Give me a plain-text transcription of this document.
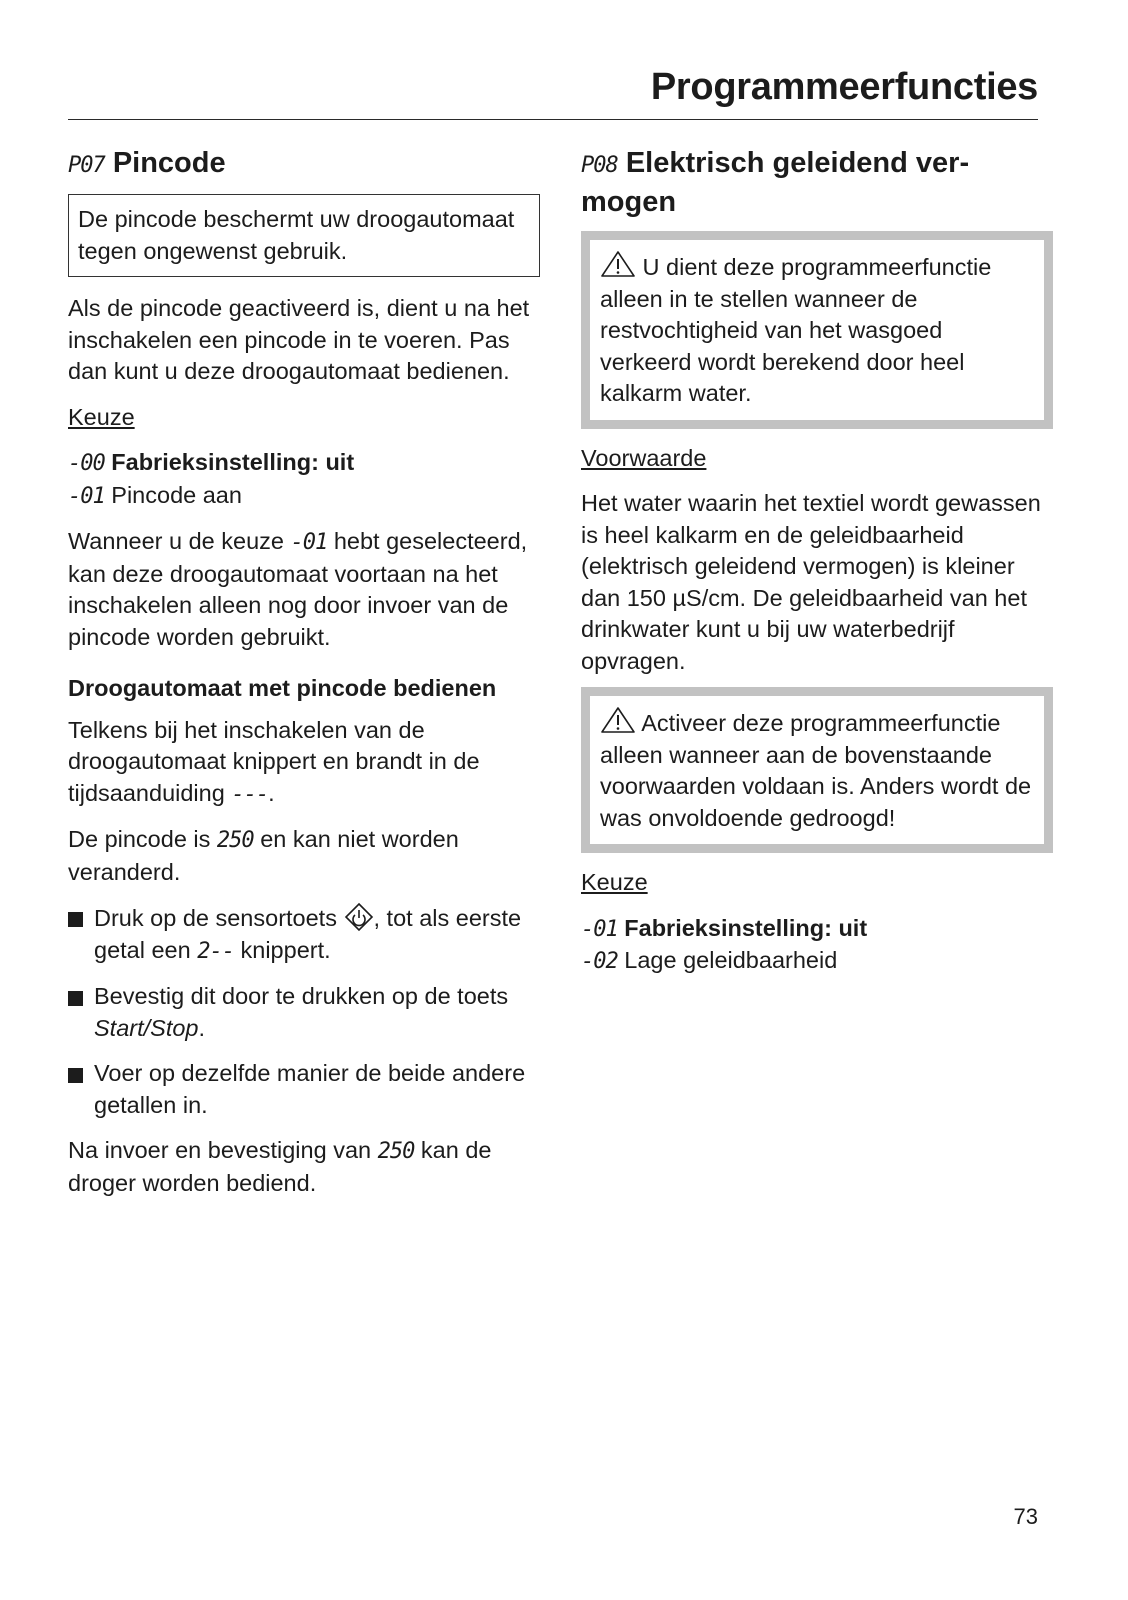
Programmeerfuncties
P07 Pincode

De pincode beschermt uw droogautomaat tegen ongewenst gebruik.

Als de pincode geactiveerd is, dient u na het inschakelen een pincode in te voeren. Pas dan kunt u deze droogautomaat bedienen.

Keuze

-00 Fabrieksinstelling: uit

-01 Pincode aan

Wanneer u de keuze -01 hebt geselecteerd, kan deze droogautomaat voortaan na het inschakelen alleen nog door invoer van de pincode worden gebruikt.

Droogautomaat met pincode bedienen

Telkens bij het inschakelen van de droogautomaat knippert en brandt in de tijdsaanduiding ---.

De pincode is 250 en kan niet worden veranderd.

Druk op de sensortoets , tot als eerste getal een 2-- knippert.
Bevestig dit door te drukken op de toets Start/Stop.
Voer op dezelfde manier de beide andere getallen in.

Na invoer en bevestiging van 250 kan de droger worden bediend.

P08 Elektrisch geleidend vermogen

U dient deze programmeerfunctie alleen in te stellen wanneer de restvochtigheid van het wasgoed verkeerd wordt berekend door heel kalkarm water.

Voorwaarde

Het water waarin het textiel wordt gewassen is heel kalkarm en de geleidbaarheid (elektrisch geleidend vermogen) is kleiner dan 150 µS/cm. De geleidbaarheid van het drinkwater kunt u bij uw waterbedrijf opvragen.

Activeer deze programmeerfunctie alleen wanneer aan de bovenstaande voorwaarden voldaan is. Anders wordt de was onvoldoende gedroogd!

Keuze

-01 Fabrieksinstelling: uit

-02 Lage geleidbaarheid

73
